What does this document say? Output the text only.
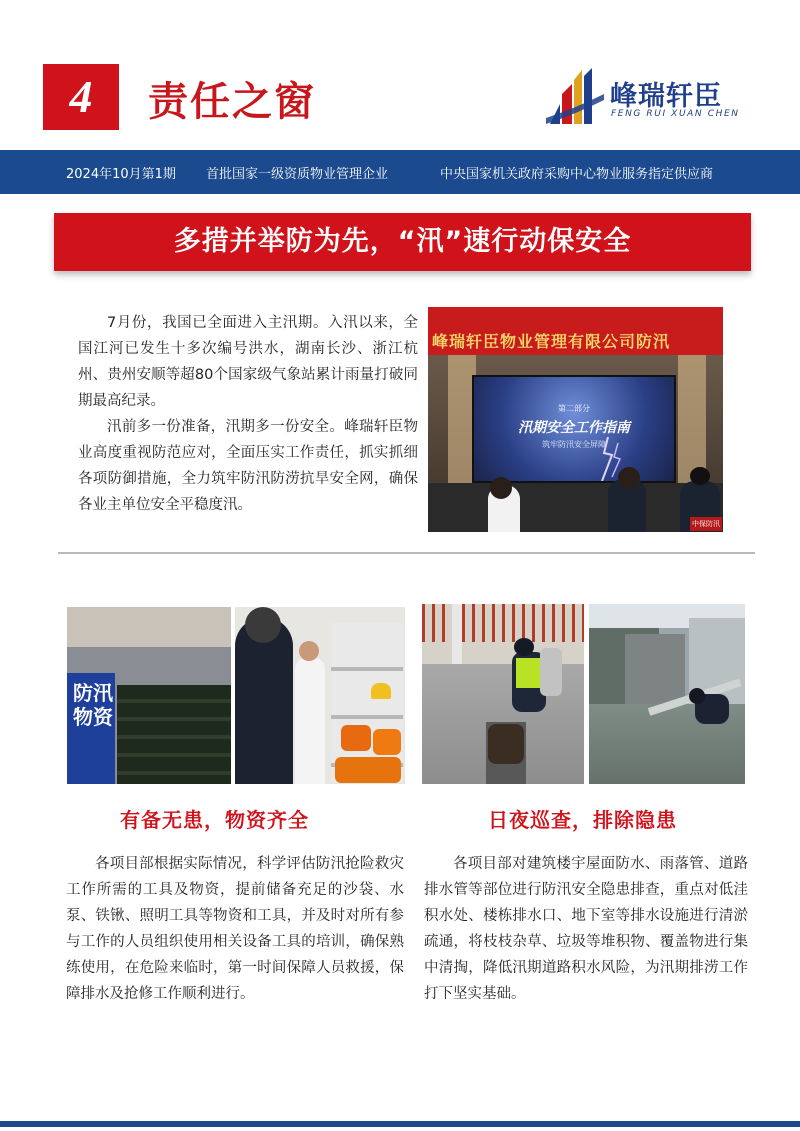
4	责任之窗	峰瑞轩臣
FENG RUI XUAN CHEN
2024年10月第1期 首批国家一级资质物业管理企业	中央国家机关政府采购中心物业服务指定供应商
多措并举防为先，“汛”速行动保安全

7月份，我国已全面进入主汛期。入汛以来，全国江河已发生十多次编号洪水，湖南长沙、浙江杭州、贵州安顺等超80个国家级气象站累计雨量打破同期最高纪录。

汛前多一份准备，汛期多一份安全。峰瑞轩臣物业高度重视防范应对，全面压实工作责任，抓实抓细各项防御措施，全力筑牢防汛防涝抗旱安全网，确保各业主单位安全平稳度汛。

峰瑞轩臣物业管理有限公司防汛
第二部分
汛期安全工作指南
筑牢防汛安全屏障
中保防汛
防汛物资
有备无患，物资齐全	日夜巡查，排除隐患
各项目部根据实际情况，科学评估防汛抢险救灾工作所需的工具及物资，提前储备充足的沙袋、水泵、铁锹、照明工具等物资和工具，并及时对所有参与工作的人员组织使用相关设备工具的培训，确保熟练使用，在危险来临时，第一时间保障人员救援，保障排水及抢修工作顺利进行。
各项目部对建筑楼宇屋面防水、雨落管、道路排水管等部位进行防汛安全隐患排查，重点对低洼积水处、楼栋排水口、地下室等排水设施进行清淤疏通，将枝枝杂草、垃圾等堆积物、覆盖物进行集中清掏，降低汛期道路积水风险，为汛期排涝工作打下坚实基础。
